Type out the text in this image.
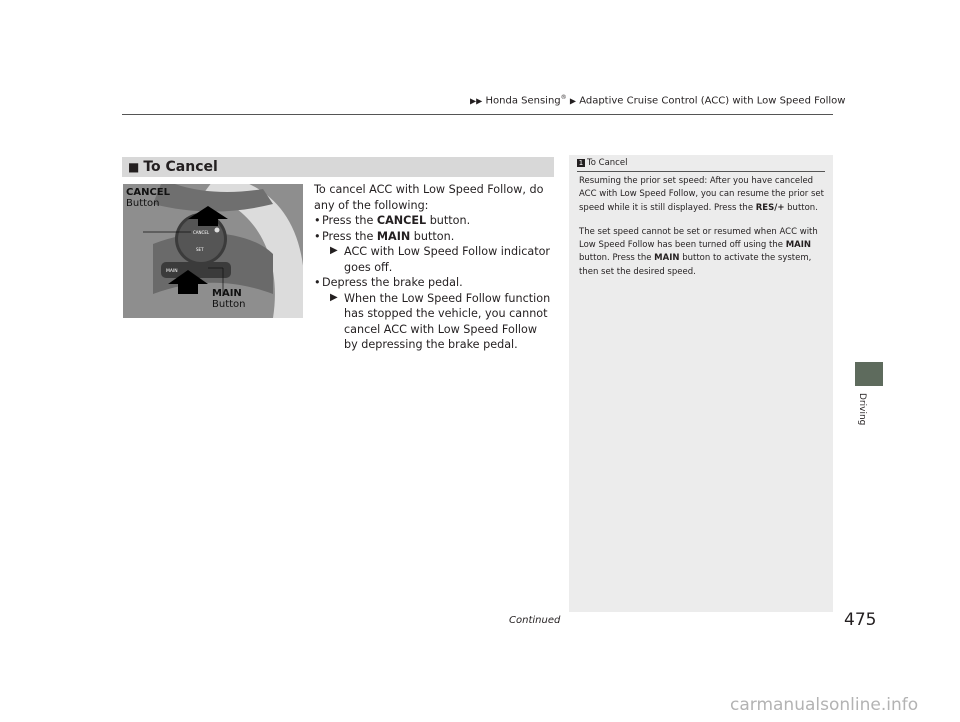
▶▶ Honda Sensing® ▶ Adaptive Cruise Control (ACC) with Low Speed Follow
■ To Cancel
CANCEL
SET
MAIN
CANCEL
Button
MAIN
Button

To cancel ACC with Low Speed Follow, do any of the following:

• Press the CANCEL button.

• Press the MAIN button.

▶ ACC with Low Speed Follow indicator goes off.

• Depress the brake pedal.

▶ When the Low Speed Follow function has stopped the vehicle, you cannot cancel ACC with Low Speed Follow by depressing the brake pedal.

1 To Cancel

Resuming the prior set speed: After you have canceled ACC with Low Speed Follow, you can resume the prior set speed while it is still displayed. Press the RES/+ button.

The set speed cannot be set or resumed when ACC with Low Speed Follow has been turned off using the MAIN button. Press the MAIN button to activate the system, then set the desired speed.

Driving
Continued	475
carmanualsonline.info
